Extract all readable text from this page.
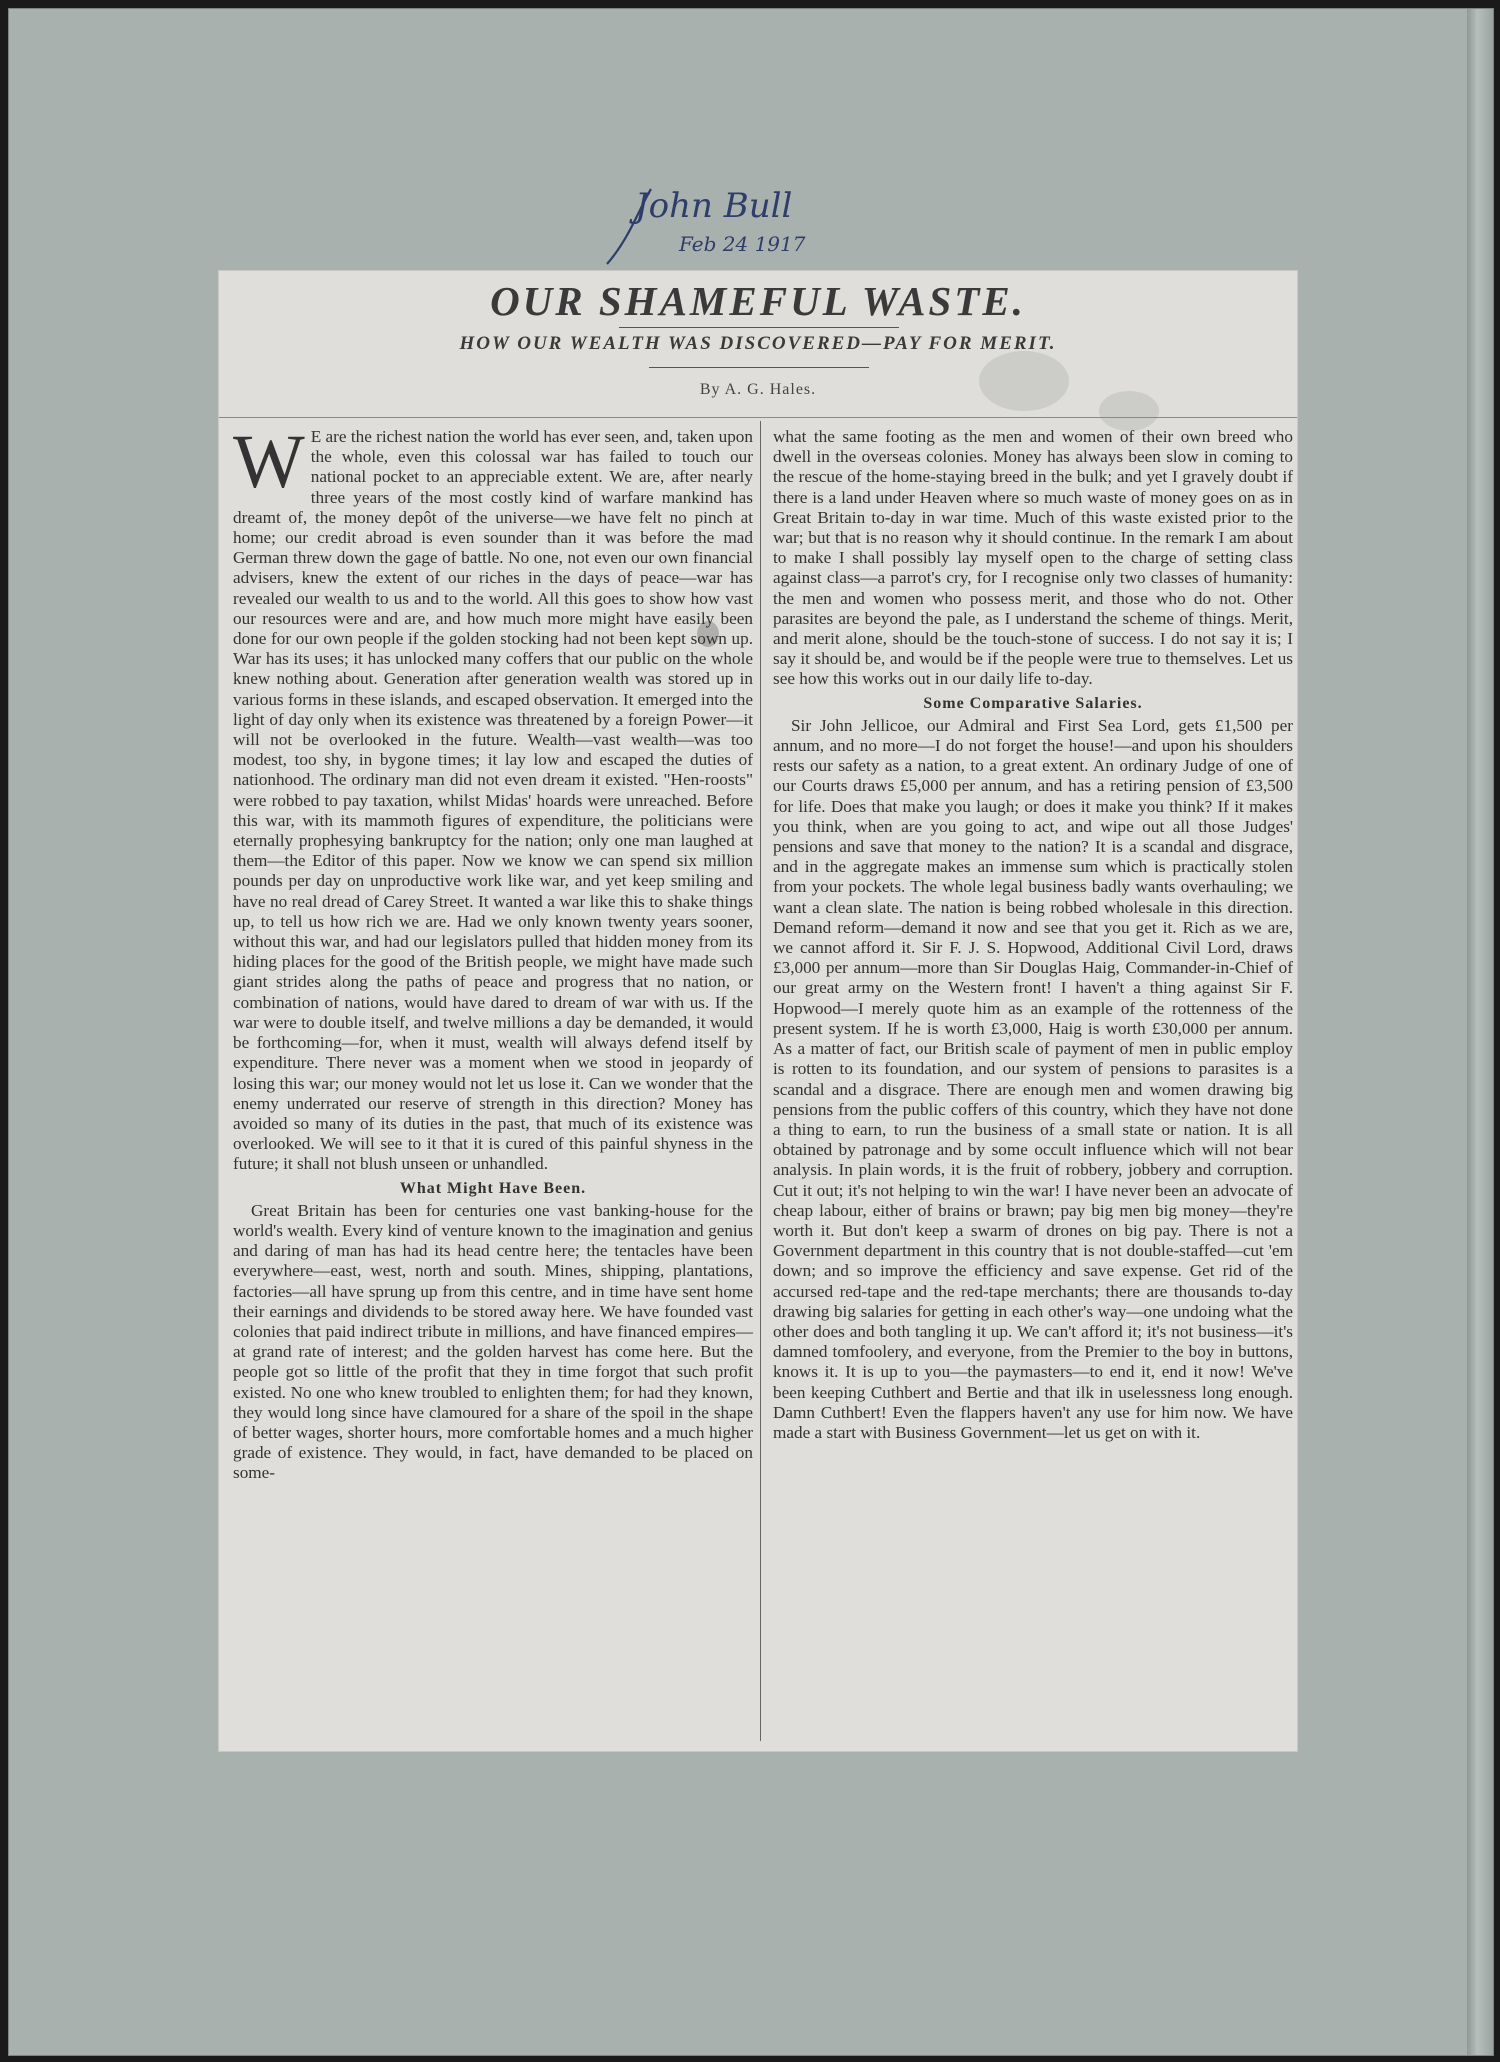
John Bull
Feb 24 1917
OUR SHAMEFUL WASTE.
HOW OUR WEALTH WAS DISCOVERED—PAY FOR MERIT.
By A. G. Hales.

W E are the richest nation the world has ever seen, and, taken upon the whole, even this colossal war has failed to touch our national pocket to an appreciable extent. We are, after nearly three years of the most costly kind of warfare mankind has dreamt of, the money depôt of the universe—we have felt no pinch at home; our credit abroad is even sounder than it was before the mad German threw down the gage of battle. No one, not even our own financial advisers, knew the extent of our riches in the days of peace—war has revealed our wealth to us and to the world. All this goes to show how vast our resources were and are, and how much more might have easily been done for our own people if the golden stocking had not been kept sown up. War has its uses; it has unlocked many coffers that our public on the whole knew nothing about. Generation after generation wealth was stored up in various forms in these islands, and escaped observation. It emerged into the light of day only when its existence was threatened by a foreign Power—it will not be overlooked in the future. Wealth—vast wealth—was too modest, too shy, in bygone times; it lay low and escaped the duties of nationhood. The ordinary man did not even dream it existed. "Hen-roosts" were robbed to pay taxation, whilst Midas' hoards were unreached. Before this war, with its mammoth figures of expenditure, the politicians were eternally prophesying bankruptcy for the nation; only one man laughed at them—the Editor of this paper. Now we know we can spend six million pounds per day on unproductive work like war, and yet keep smiling and have no real dread of Carey Street. It wanted a war like this to shake things up, to tell us how rich we are. Had we only known twenty years sooner, without this war, and had our legislators pulled that hidden money from its hiding places for the good of the British people, we might have made such giant strides along the paths of peace and progress that no nation, or combination of nations, would have dared to dream of war with us. If the war were to double itself, and twelve millions a day be demanded, it would be forthcoming—for, when it must, wealth will always defend itself by expenditure. There never was a moment when we stood in jeopardy of losing this war; our money would not let us lose it. Can we wonder that the enemy underrated our reserve of strength in this direction? Money has avoided so many of its duties in the past, that much of its existence was overlooked. We will see to it that it is cured of this painful shyness in the future; it shall not blush unseen or unhandled.

What Might Have Been.

Great Britain has been for centuries one vast banking-house for the world's wealth. Every kind of venture known to the imagination and genius and daring of man has had its head centre here; the tentacles have been everywhere—east, west, north and south. Mines, shipping, plantations, factories—all have sprung up from this centre, and in time have sent home their earnings and dividends to be stored away here. We have founded vast colonies that paid indirect tribute in millions, and have financed empires—at grand rate of interest; and the golden harvest has come here. But the people got so little of the profit that they in time forgot that such profit existed. No one who knew troubled to enlighten them; for had they known, they would long since have clamoured for a share of the spoil in the shape of better wages, shorter hours, more comfortable homes and a much higher grade of existence. They would, in fact, have demanded to be placed on some-

what the same footing as the men and women of their own breed who dwell in the overseas colonies. Money has always been slow in coming to the rescue of the home-staying breed in the bulk; and yet I gravely doubt if there is a land under Heaven where so much waste of money goes on as in Great Britain to-day in war time. Much of this waste existed prior to the war; but that is no reason why it should continue. In the remark I am about to make I shall possibly lay myself open to the charge of setting class against class—a parrot's cry, for I recognise only two classes of humanity: the men and women who possess merit, and those who do not. Other parasites are beyond the pale, as I understand the scheme of things. Merit, and merit alone, should be the touch-stone of success. I do not say it is; I say it should be, and would be if the people were true to themselves. Let us see how this works out in our daily life to-day.

Some Comparative Salaries.

Sir John Jellicoe, our Admiral and First Sea Lord, gets £1,500 per annum, and no more—I do not forget the house!—and upon his shoulders rests our safety as a nation, to a great extent. An ordinary Judge of one of our Courts draws £5,000 per annum, and has a retiring pension of £3,500 for life. Does that make you laugh; or does it make you think? If it makes you think, when are you going to act, and wipe out all those Judges' pensions and save that money to the nation? It is a scandal and disgrace, and in the aggregate makes an immense sum which is practically stolen from your pockets. The whole legal business badly wants overhauling; we want a clean slate. The nation is being robbed wholesale in this direction. Demand reform—demand it now and see that you get it. Rich as we are, we cannot afford it. Sir F. J. S. Hopwood, Additional Civil Lord, draws £3,000 per annum—more than Sir Douglas Haig, Commander-in-Chief of our great army on the Western front! I haven't a thing against Sir F. Hopwood—I merely quote him as an example of the rottenness of the present system. If he is worth £3,000, Haig is worth £30,000 per annum. As a matter of fact, our British scale of payment of men in public employ is rotten to its foundation, and our system of pensions to parasites is a scandal and a disgrace. There are enough men and women drawing big pensions from the public coffers of this country, which they have not done a thing to earn, to run the business of a small state or nation. It is all obtained by patronage and by some occult influence which will not bear analysis. In plain words, it is the fruit of robbery, jobbery and corruption. Cut it out; it's not helping to win the war! I have never been an advocate of cheap labour, either of brains or brawn; pay big men big money—they're worth it. But don't keep a swarm of drones on big pay. There is not a Government department in this country that is not double-staffed—cut 'em down; and so improve the efficiency and save expense. Get rid of the accursed red-tape and the red-tape merchants; there are thousands to-day drawing big salaries for getting in each other's way—one undoing what the other does and both tangling it up. We can't afford it; it's not business—it's damned tomfoolery, and everyone, from the Premier to the boy in buttons, knows it. It is up to you—the paymasters—to end it, end it now! We've been keeping Cuthbert and Bertie and that ilk in uselessness long enough. Damn Cuthbert! Even the flappers haven't any use for him now. We have made a start with Business Government—let us get on with it.
